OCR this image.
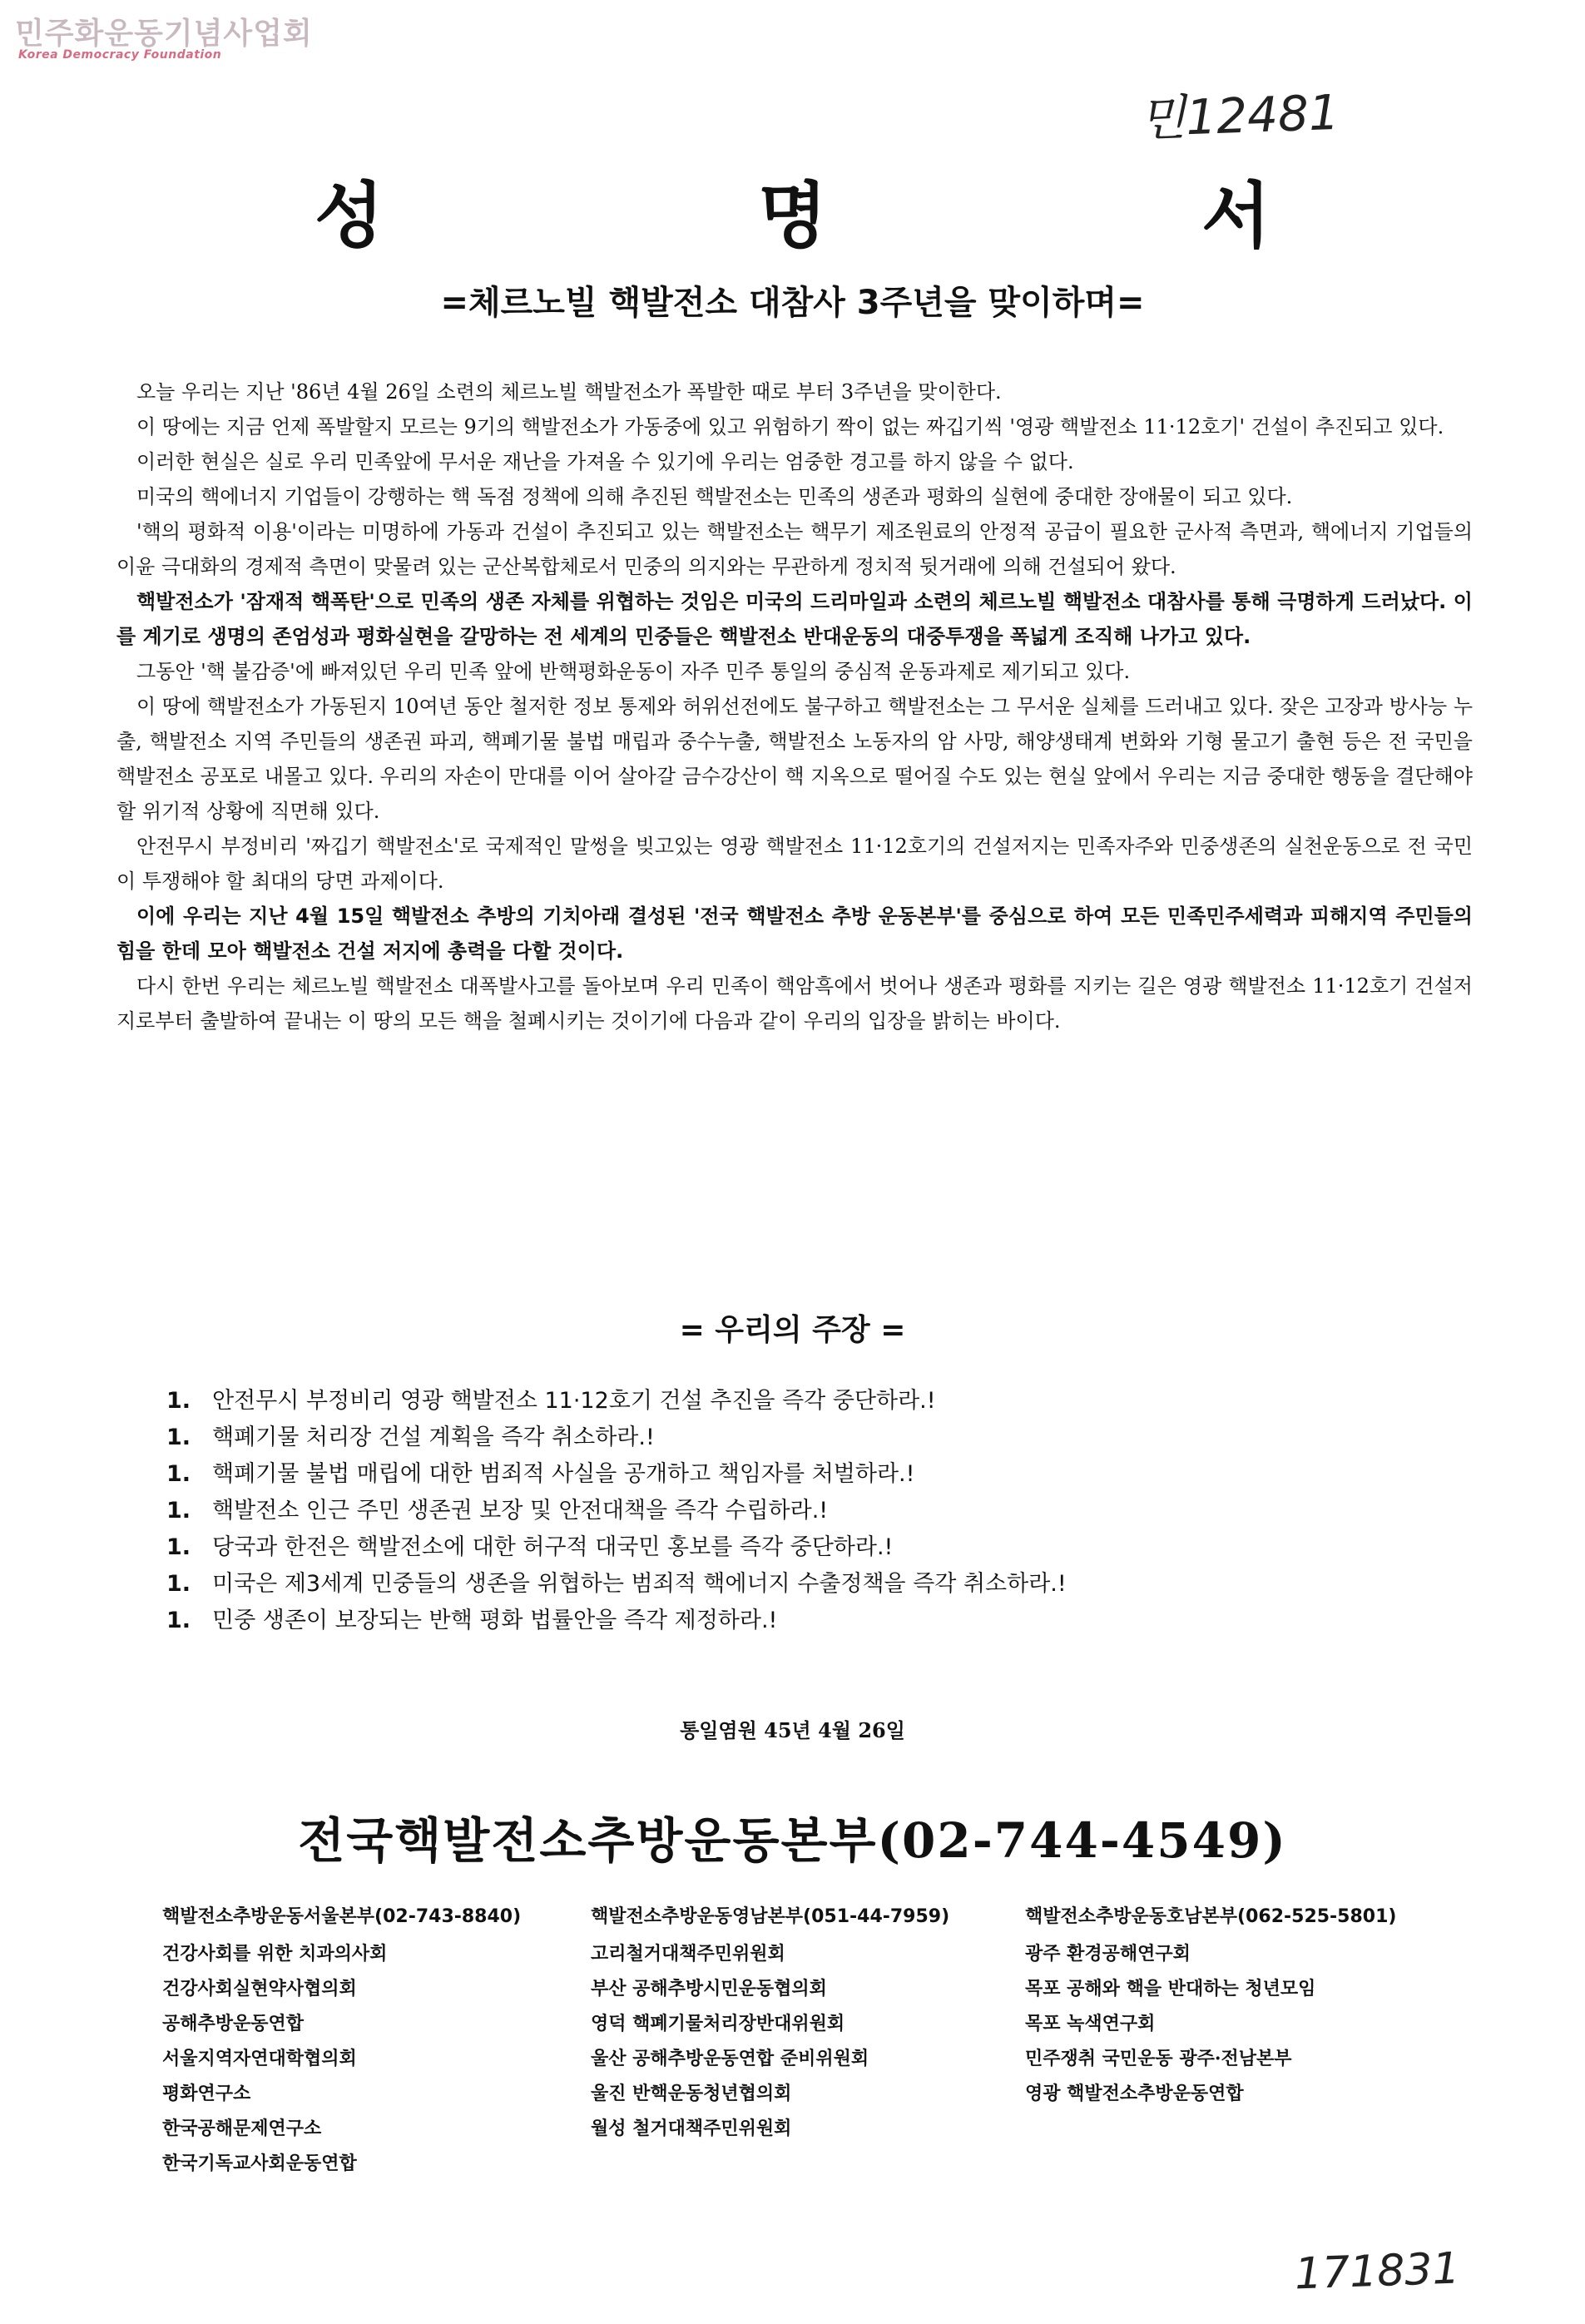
민주화운동기념사업회
Korea Democracy Foundation
민12481
성 명 서
=체르노빌 핵발전소 대참사 3주년을 맞이하며=

오늘 우리는 지난 '86년 4월 26일 소련의 체르노빌 핵발전소가 폭발한 때로 부터 3주년을 맞이한다.

이 땅에는 지금 언제 폭발할지 모르는 9기의 핵발전소가 가동중에 있고 위험하기 짝이 없는 짜깁기씩 '영광 핵발전소 11·12호기' 건설이 추진되고 있다.

이러한 현실은 실로 우리 민족앞에 무서운 재난을 가져올 수 있기에 우리는 엄중한 경고를 하지 않을 수 없다.

미국의 핵에너지 기업들이 강행하는 핵 독점 정책에 의해 추진된 핵발전소는 민족의 생존과 평화의 실현에 중대한 장애물이 되고 있다.

'핵의 평화적 이용'이라는 미명하에 가동과 건설이 추진되고 있는 핵발전소는 핵무기 제조원료의 안정적 공급이 필요한 군사적 측면과, 핵에너지 기업들의 이윤 극대화의 경제적 측면이 맞물려 있는 군산복합체로서 민중의 의지와는 무관하게 정치적 뒷거래에 의해 건설되어 왔다.

핵발전소가 '잠재적 핵폭탄'으로 민족의 생존 자체를 위협하는 것임은 미국의 드리마일과 소련의 체르노빌 핵발전소 대참사를 통해 극명하게 드러났다. 이를 계기로 생명의 존엄성과 평화실현을 갈망하는 전 세계의 민중들은 핵발전소 반대운동의 대중투쟁을 폭넓게 조직해 나가고 있다.

그동안 '핵 불감증'에 빠져있던 우리 민족 앞에 반핵평화운동이 자주 민주 통일의 중심적 운동과제로 제기되고 있다.

이 땅에 핵발전소가 가동된지 10여년 동안 철저한 정보 통제와 허위선전에도 불구하고 핵발전소는 그 무서운 실체를 드러내고 있다. 잦은 고장과 방사능 누출, 핵발전소 지역 주민들의 생존권 파괴, 핵폐기물 불법 매립과 중수누출, 핵발전소 노동자의 암 사망, 해양생태계 변화와 기형 물고기 출현 등은 전 국민을 핵발전소 공포로 내몰고 있다. 우리의 자손이 만대를 이어 살아갈 금수강산이 핵 지옥으로 떨어질 수도 있는 현실 앞에서 우리는 지금 중대한 행동을 결단해야 할 위기적 상황에 직면해 있다.

안전무시 부정비리 '짜깁기 핵발전소'로 국제적인 말썽을 빚고있는 영광 핵발전소 11·12호기의 건설저지는 민족자주와 민중생존의 실천운동으로 전 국민이 투쟁해야 할 최대의 당면 과제이다.

이에 우리는 지난 4월 15일 핵발전소 추방의 기치아래 결성된 '전국 핵발전소 추방 운동본부'를 중심으로 하여 모든 민족민주세력과 피해지역 주민들의 힘을 한데 모아 핵발전소 건설 저지에 총력을 다할 것이다.

다시 한번 우리는 체르노빌 핵발전소 대폭발사고를 돌아보며 우리 민족이 핵암흑에서 벗어나 생존과 평화를 지키는 길은 영광 핵발전소 11·12호기 건설저지로부터 출발하여 끝내는 이 땅의 모든 핵을 철폐시키는 것이기에 다음과 같이 우리의 입장을 밝히는 바이다.

= 우리의 주장 =
1. 안전무시 부정비리 영광 핵발전소 11·12호기 건설 추진을 즉각 중단하라.!
1. 핵폐기물 처리장 건설 계획을 즉각 취소하라.!
1. 핵폐기물 불법 매립에 대한 범죄적 사실을 공개하고 책임자를 처벌하라.!
1. 핵발전소 인근 주민 생존권 보장 및 안전대책을 즉각 수립하라.!
1. 당국과 한전은 핵발전소에 대한 허구적 대국민 홍보를 즉각 중단하라.!
1. 미국은 제3세계 민중들의 생존을 위협하는 범죄적 핵에너지 수출정책을 즉각 취소하라.!
1. 민중 생존이 보장되는 반핵 평화 법률안을 즉각 제정하라.!
통일염원 45년 4월 26일
전국핵발전소추방운동본부(02-744-4549)
핵발전소추방운동서울본부(02-743-8840)
건강사회를 위한 치과의사회
건강사회실현약사협의회
공해추방운동연합
서울지역자연대학협의회
평화연구소
한국공해문제연구소
한국기독교사회운동연합
핵발전소추방운동영남본부(051-44-7959)
고리철거대책주민위원회
부산 공해추방시민운동협의회
영덕 핵폐기물처리장반대위원회
울산 공해추방운동연합 준비위원회
울진 반핵운동청년협의회
월성 철거대책주민위원회
핵발전소추방운동호남본부(062-525-5801)
광주 환경공해연구회
목포 공해와 핵을 반대하는 청년모임
목포 녹색연구회
민주쟁취 국민운동 광주·전남본부
영광 핵발전소추방운동연합
171831
